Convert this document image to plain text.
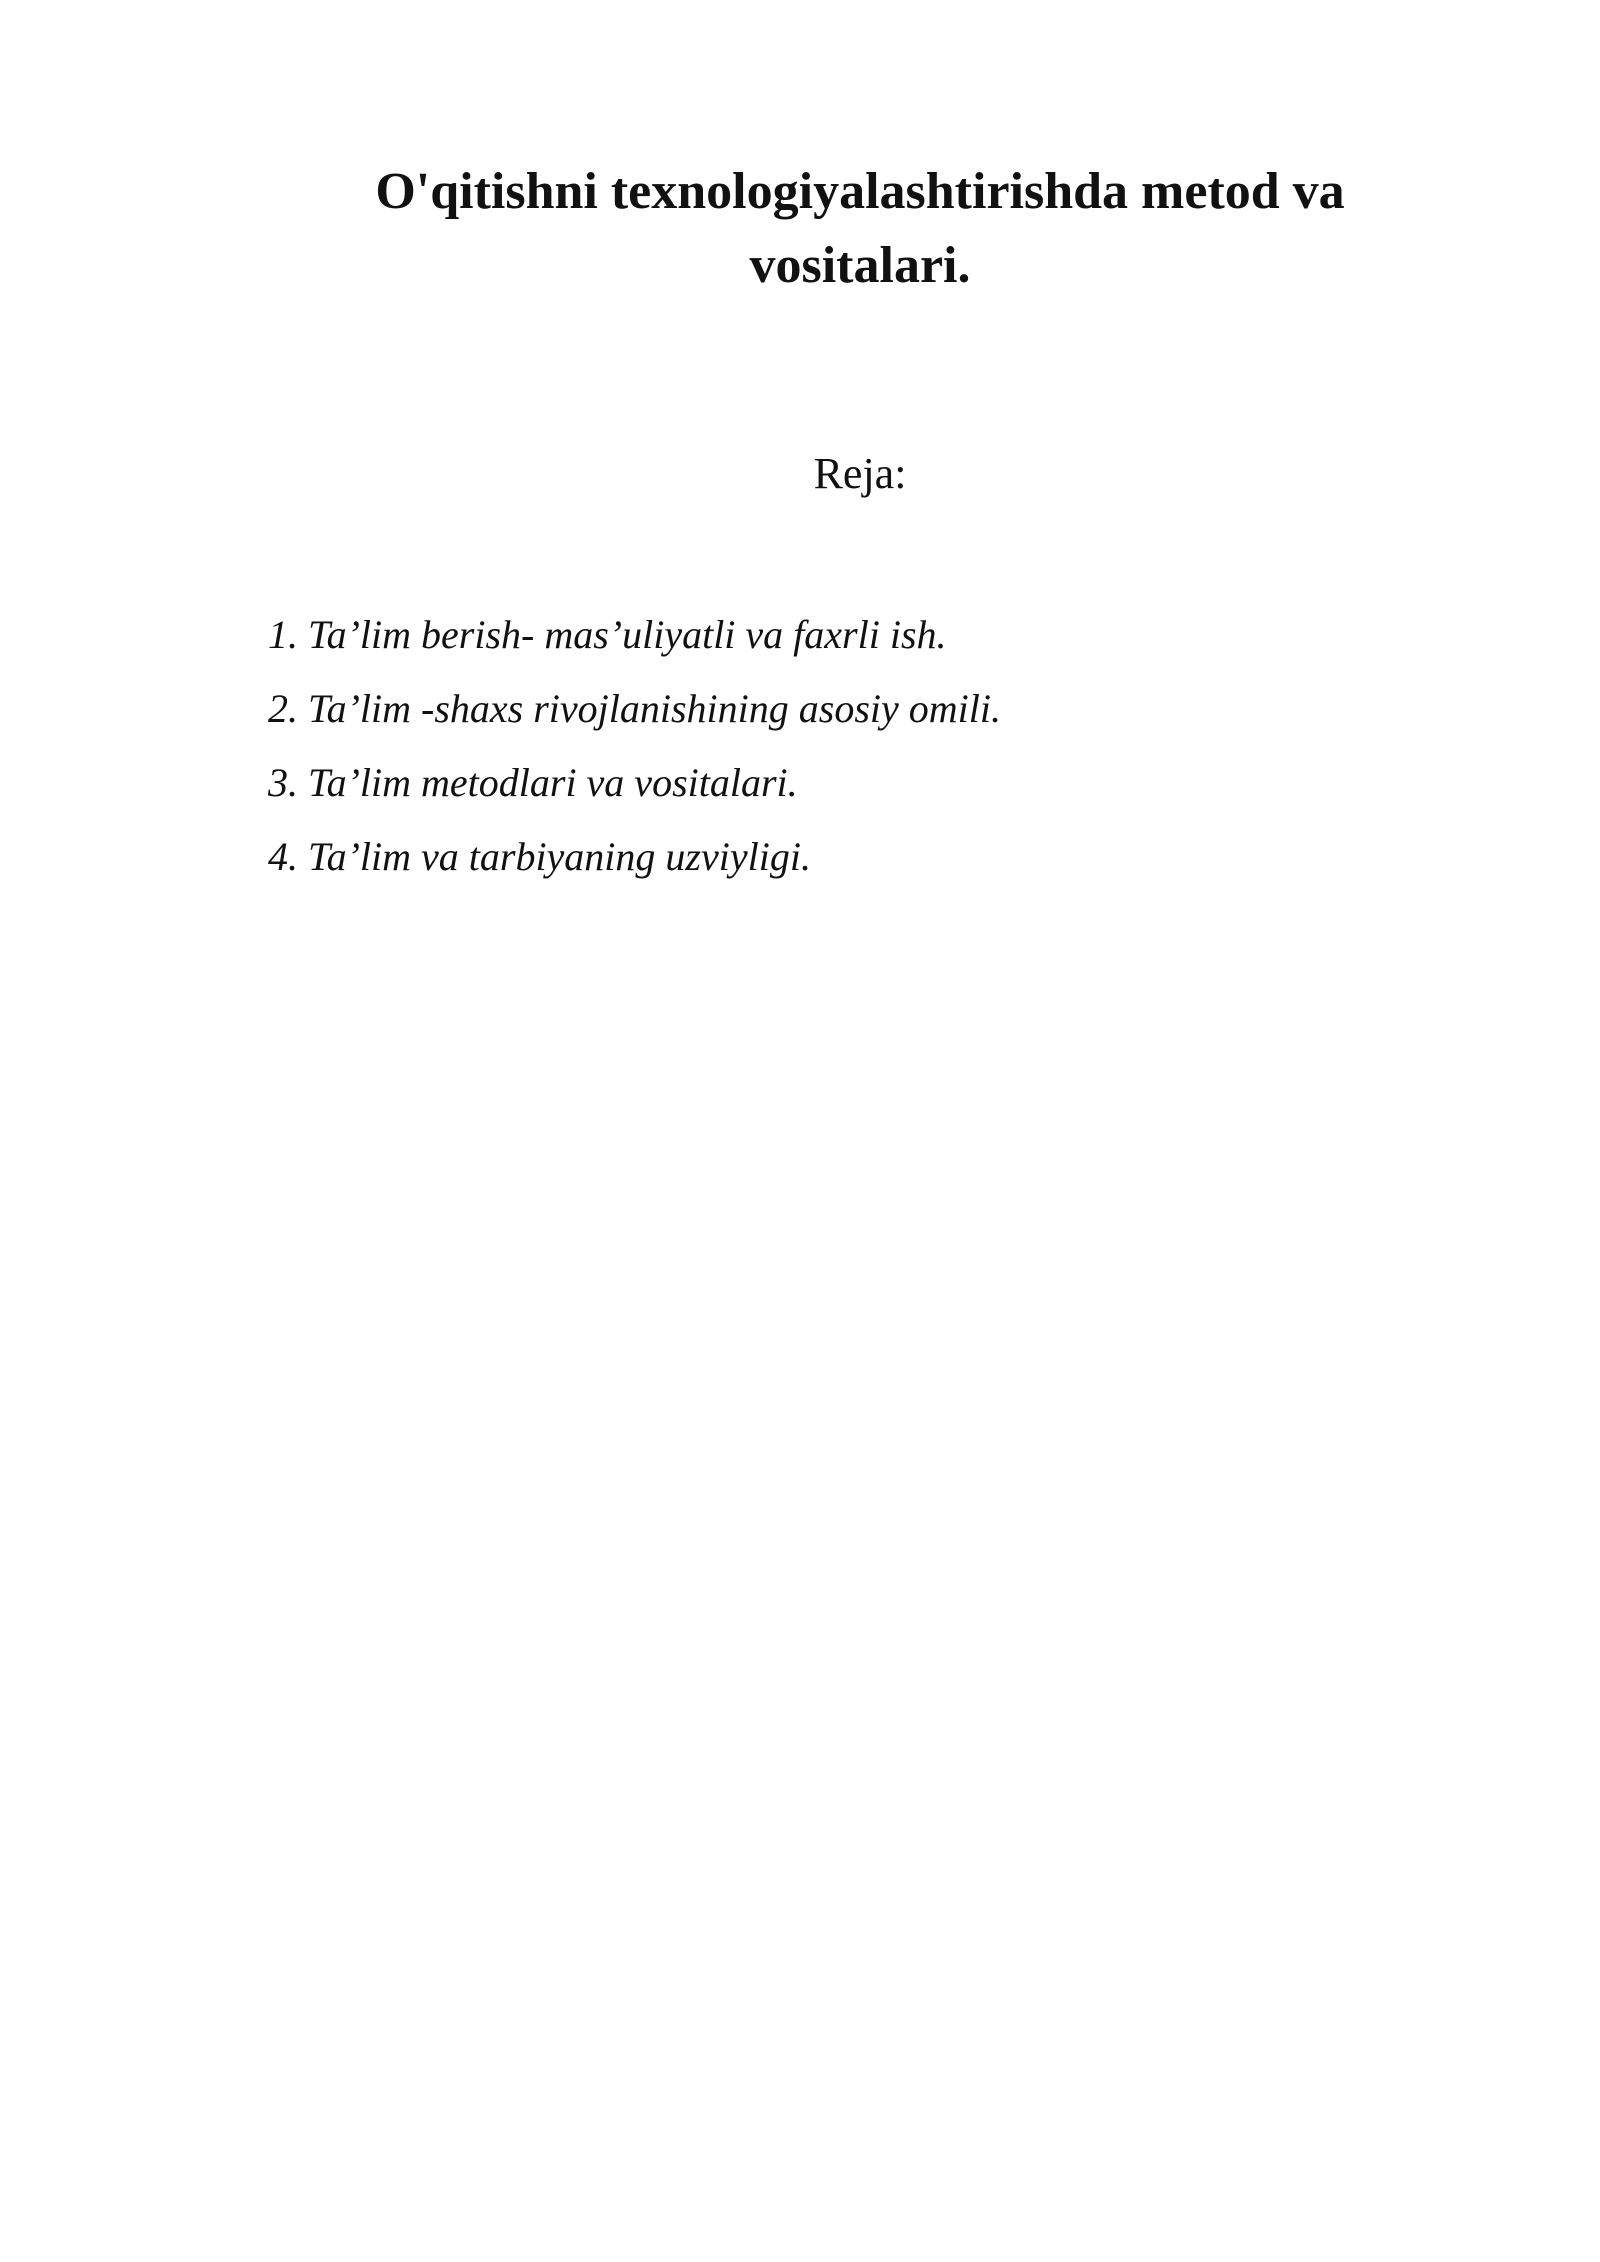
O'qitishni texnologiyalashtirishda metod va vositalari.
Reja:
1. Ta’lim berish- mas’uliyatli va faxrli ish.
2. Ta’lim -shaxs rivojlanishining asosiy omili.
3. Ta’lim metodlari va vositalari.
4. Ta’lim va tarbiyaning uzviyligi.
